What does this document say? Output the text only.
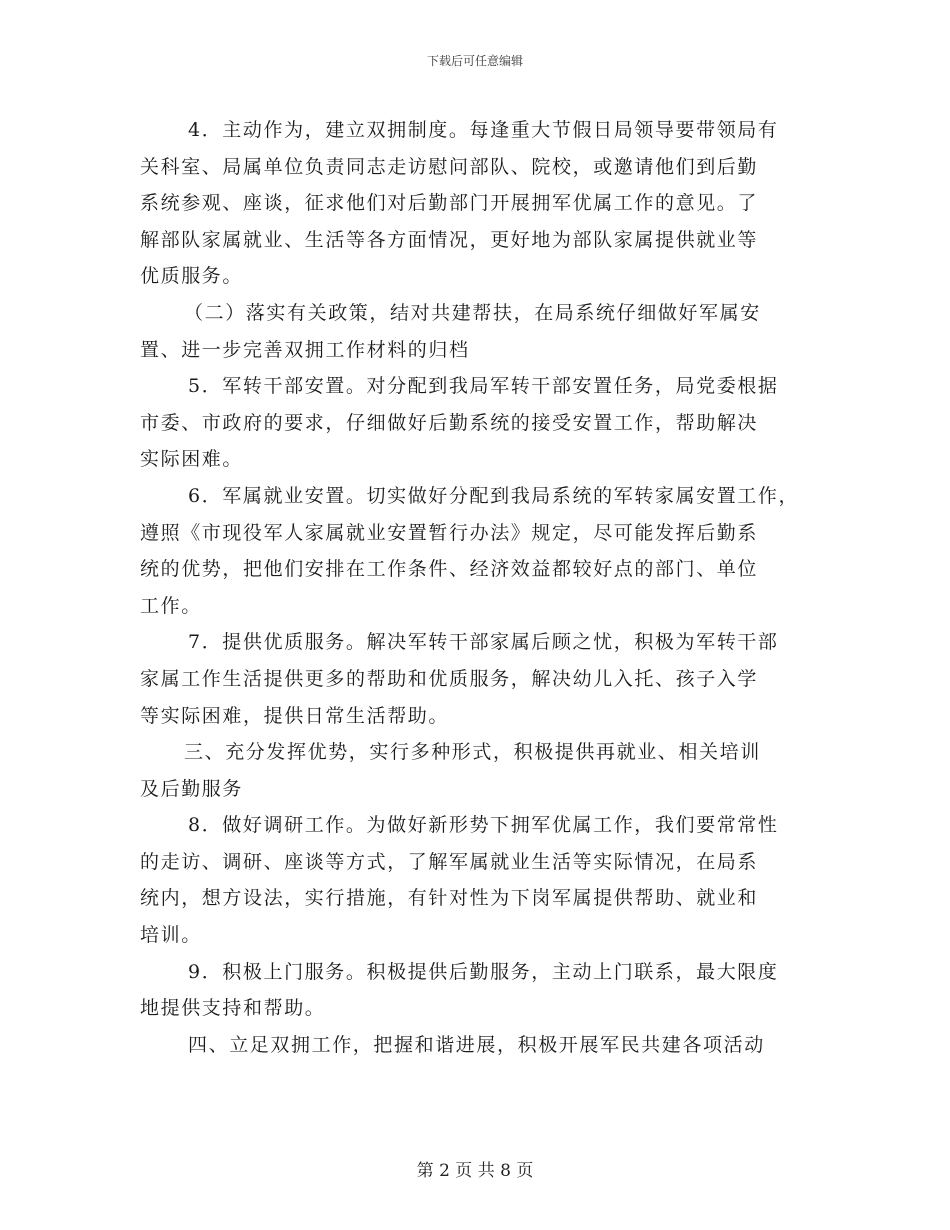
下载后可任意编辑
4．主动作为，建立双拥制度。每逢重大节假日局领导要带领局有
关科室、局属单位负责同志走访慰问部队、院校，或邀请他们到后勤
系统参观、座谈，征求他们对后勤部门开展拥军优属工作的意见。了
解部队家属就业、生活等各方面情况，更好地为部队家属提供就业等
优质服务。
（二）落实有关政策，结对共建帮扶，在局系统仔细做好军属安
置、进一步完善双拥工作材料的归档
5．军转干部安置。对分配到我局军转干部安置任务，局党委根据
市委、市政府的要求，仔细做好后勤系统的接受安置工作，帮助解决
实际困难。
6．军属就业安置。切实做好分配到我局系统的军转家属安置工作，
遵照《市现役军人家属就业安置暂行办法》规定，尽可能发挥后勤系
统的优势，把他们安排在工作条件、经济效益都较好点的部门、单位
工作。
7．提供优质服务。解决军转干部家属后顾之忧，积极为军转干部
家属工作生活提供更多的帮助和优质服务，解决幼儿入托、孩子入学
等实际困难，提供日常生活帮助。
三、充分发挥优势，实行多种形式，积极提供再就业、相关培训
及后勤服务
8．做好调研工作。为做好新形势下拥军优属工作，我们要常常性
的走访、调研、座谈等方式，了解军属就业生活等实际情况，在局系
统内，想方设法，实行措施，有针对性为下岗军属提供帮助、就业和
培训。
9．积极上门服务。积极提供后勤服务，主动上门联系，最大限度
地提供支持和帮助。
四、立足双拥工作，把握和谐进展，积极开展军民共建各项活动
第 2 页 共 8 页
